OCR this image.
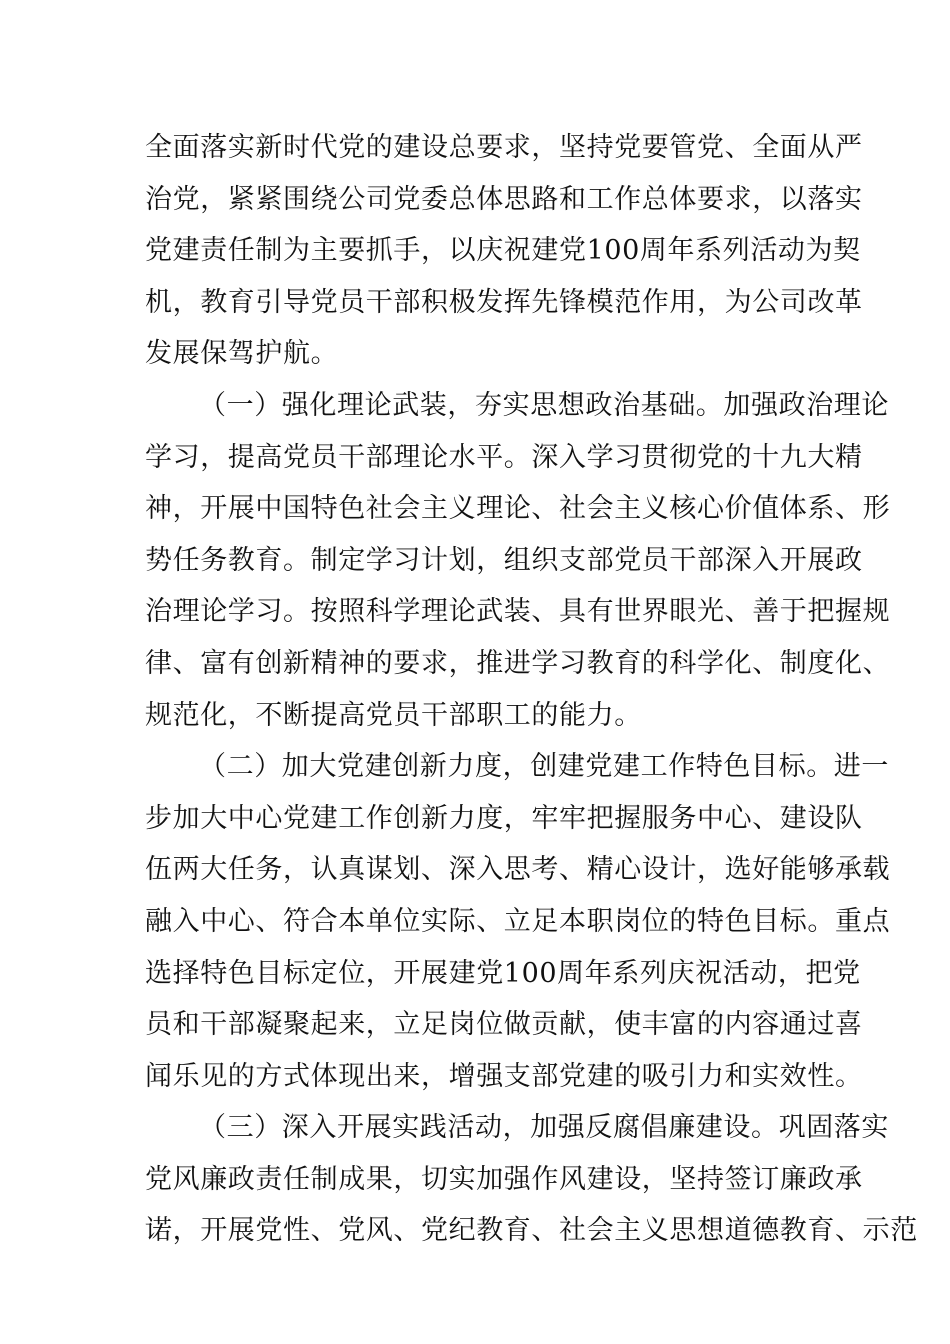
全面落实新时代党的建设总要求，坚持党要管党、全面从严
治党，紧紧围绕公司党委总体思路和工作总体要求，以落实
党建责任制为主要抓手，以庆祝建党100周年系列活动为契
机，教育引导党员干部积极发挥先锋模范作用，为公司改革
发展保驾护航。
（一）强化理论武装，夯实思想政治基础。加强政治理论
学习，提高党员干部理论水平。深入学习贯彻党的十九大精
神，开展中国特色社会主义理论、社会主义核心价值体系、形
势任务教育。制定学习计划，组织支部党员干部深入开展政
治理论学习。按照科学理论武装、具有世界眼光、善于把握规
律、富有创新精神的要求，推进学习教育的科学化、制度化、
规范化，不断提高党员干部职工的能力。
（二）加大党建创新力度，创建党建工作特色目标。进一
步加大中心党建工作创新力度，牢牢把握服务中心、建设队
伍两大任务，认真谋划、深入思考、精心设计，选好能够承载
融入中心、符合本单位实际、立足本职岗位的特色目标。重点
选择特色目标定位，开展建党100周年系列庆祝活动，把党
员和干部凝聚起来，立足岗位做贡献，使丰富的内容通过喜
闻乐见的方式体现出来，增强支部党建的吸引力和实效性。
（三）深入开展实践活动，加强反腐倡廉建设。巩固落实
党风廉政责任制成果，切实加强作风建设，坚持签订廉政承
诺，开展党性、党风、党纪教育、社会主义思想道德教育、示范
